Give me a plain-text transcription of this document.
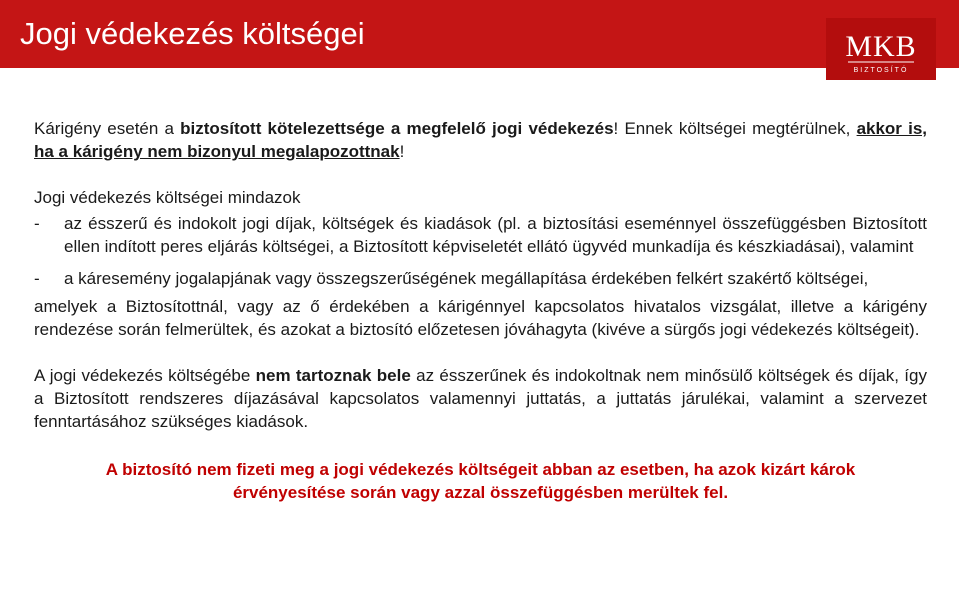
Jogi védekezés költségei	MKB
BIZTOSÍTÓ

Kárigény esetén a biztosított kötelezettsége a megfelelő jogi védekezés! Ennek költségei megtérülnek, akkor is, ha a kárigény nem bizonyul megalapozottnak!

Jogi védekezés költségei mindazok

- az ésszerű és indokolt jogi díjak, költségek és kiadások (pl. a biztosítási eseménnyel összefüggésben Biztosított ellen indított peres eljárás költségei, a Biztosított képviseletét ellátó ügyvéd munkadíja és készkiadásai), valamint
- a káresemény jogalapjának vagy összegszerűségének megállapítása érdekében felkért szakértő költségei,

amelyek a Biztosítottnál, vagy az ő érdekében a kárigénnyel kapcsolatos hivatalos vizsgálat, illetve a kárigény rendezése során felmerültek, és azokat a biztosító előzetesen jóváhagyta (kivéve a sürgős jogi védekezés költségeit).

A jogi védekezés költségébe nem tartoznak bele az ésszerűnek és indokoltnak nem minősülő költségek és díjak, így a Biztosított rendszeres díjazásával kapcsolatos valamennyi juttatás, a juttatás járulékai, valamint a szervezet fenntartásához szükséges kiadások.

A biztosító nem fizeti meg a jogi védekezés költségeit abban az esetben, ha azok kizárt károk
érvényesítése során vagy azzal összefüggésben merültek fel.
